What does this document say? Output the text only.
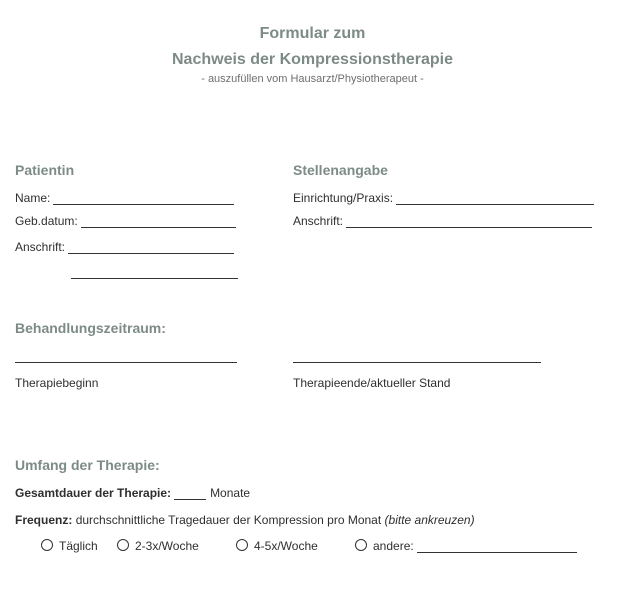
Formular zum
Nachweis der Kompressionstherapie
- auszufüllen vom Hausarzt/Physiotherapeut -
Patientin
Name:
Geb.datum:
Anschrift:
Stellenangabe
Einrichtung/Praxis:
Anschrift:
Behandlungszeitraum:
Therapiebeginn	Therapieende/aktueller Stand
Umfang der Therapie:
Gesamtdauer der Therapie:	Monate
Frequenz:
durchschnittliche Tragedauer der Kompression pro Monat
(bitte ankreuzen)
Täglich	2-3x/Woche	4-5x/Woche	andere:
